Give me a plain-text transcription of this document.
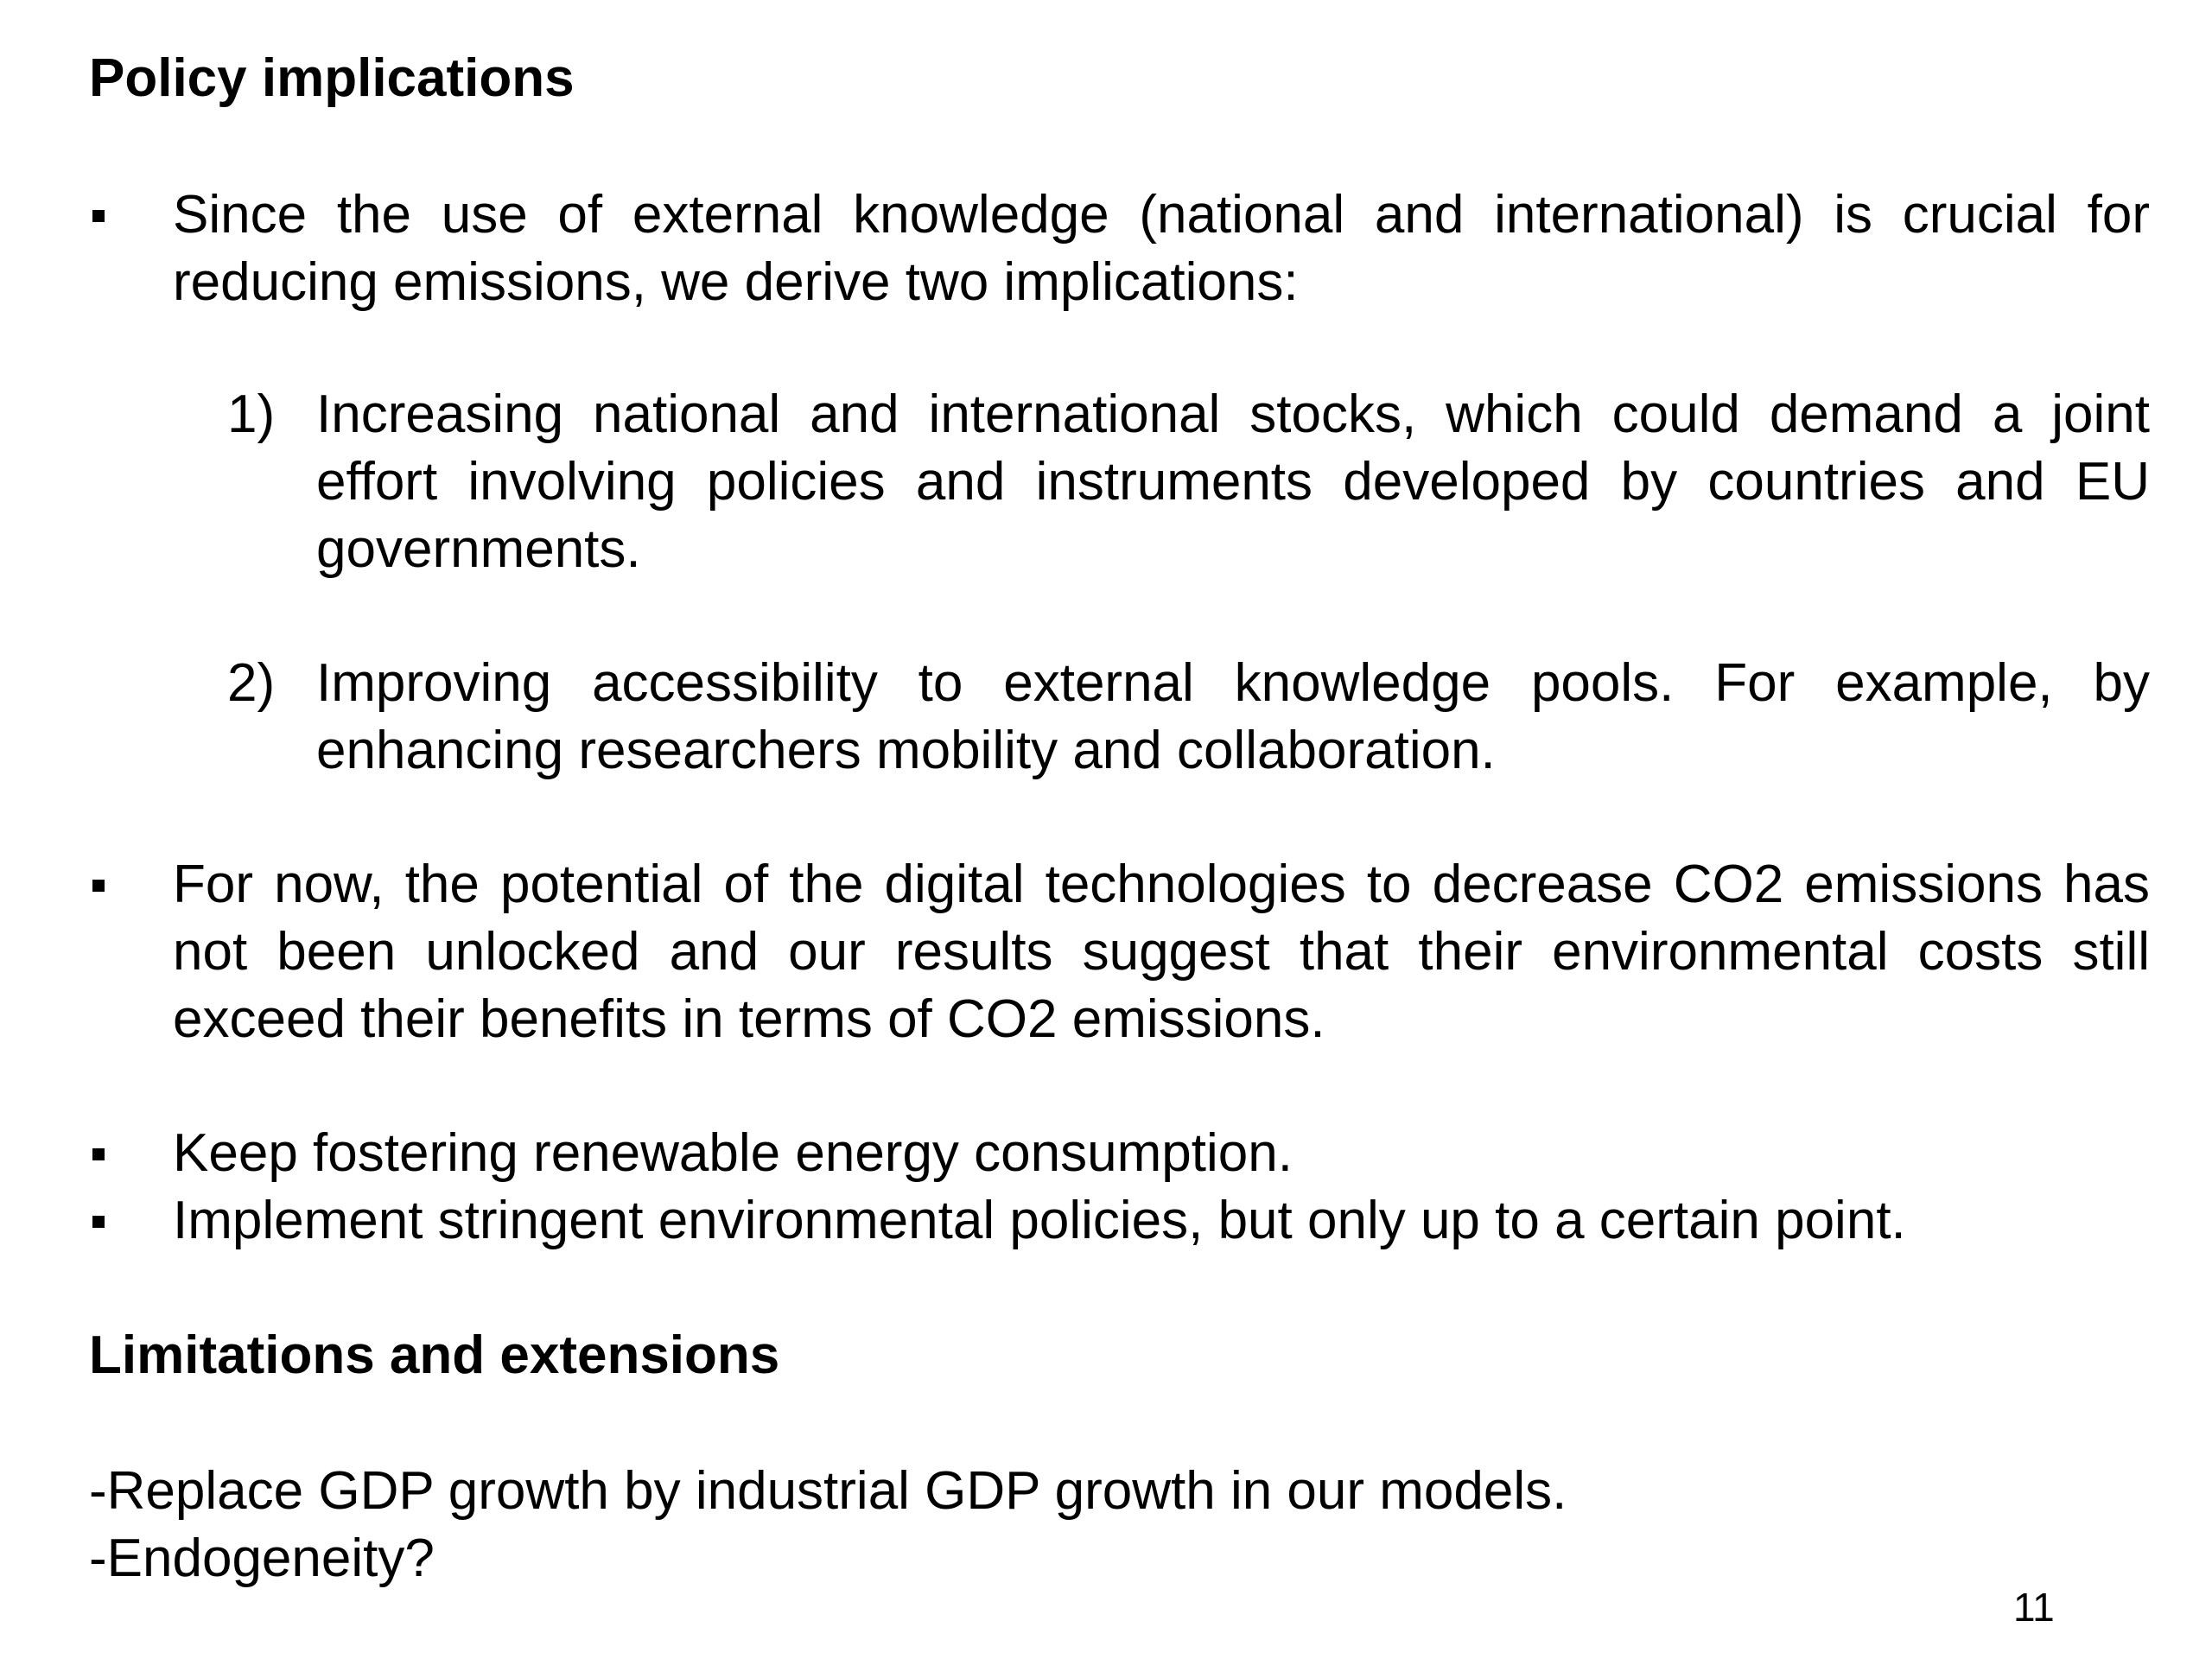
Policy implications
Since the use of external knowledge (national and international) is crucial for reducing emissions, we derive two implications:
1) Increasing national and international stocks, which could demand a joint effort involving policies and instruments developed by countries and EU governments.
2) Improving accessibility to external knowledge pools. For example, by enhancing researchers mobility and collaboration.
For now, the potential of the digital technologies to decrease CO2 emissions has not been unlocked and our results suggest that their environmental costs still exceed their benefits in terms of CO2 emissions.
Keep fostering renewable energy consumption.
Implement stringent environmental policies, but only up to a certain point.
Limitations and extensions
-Replace GDP growth by industrial GDP growth in our models.
-Endogeneity?
11
